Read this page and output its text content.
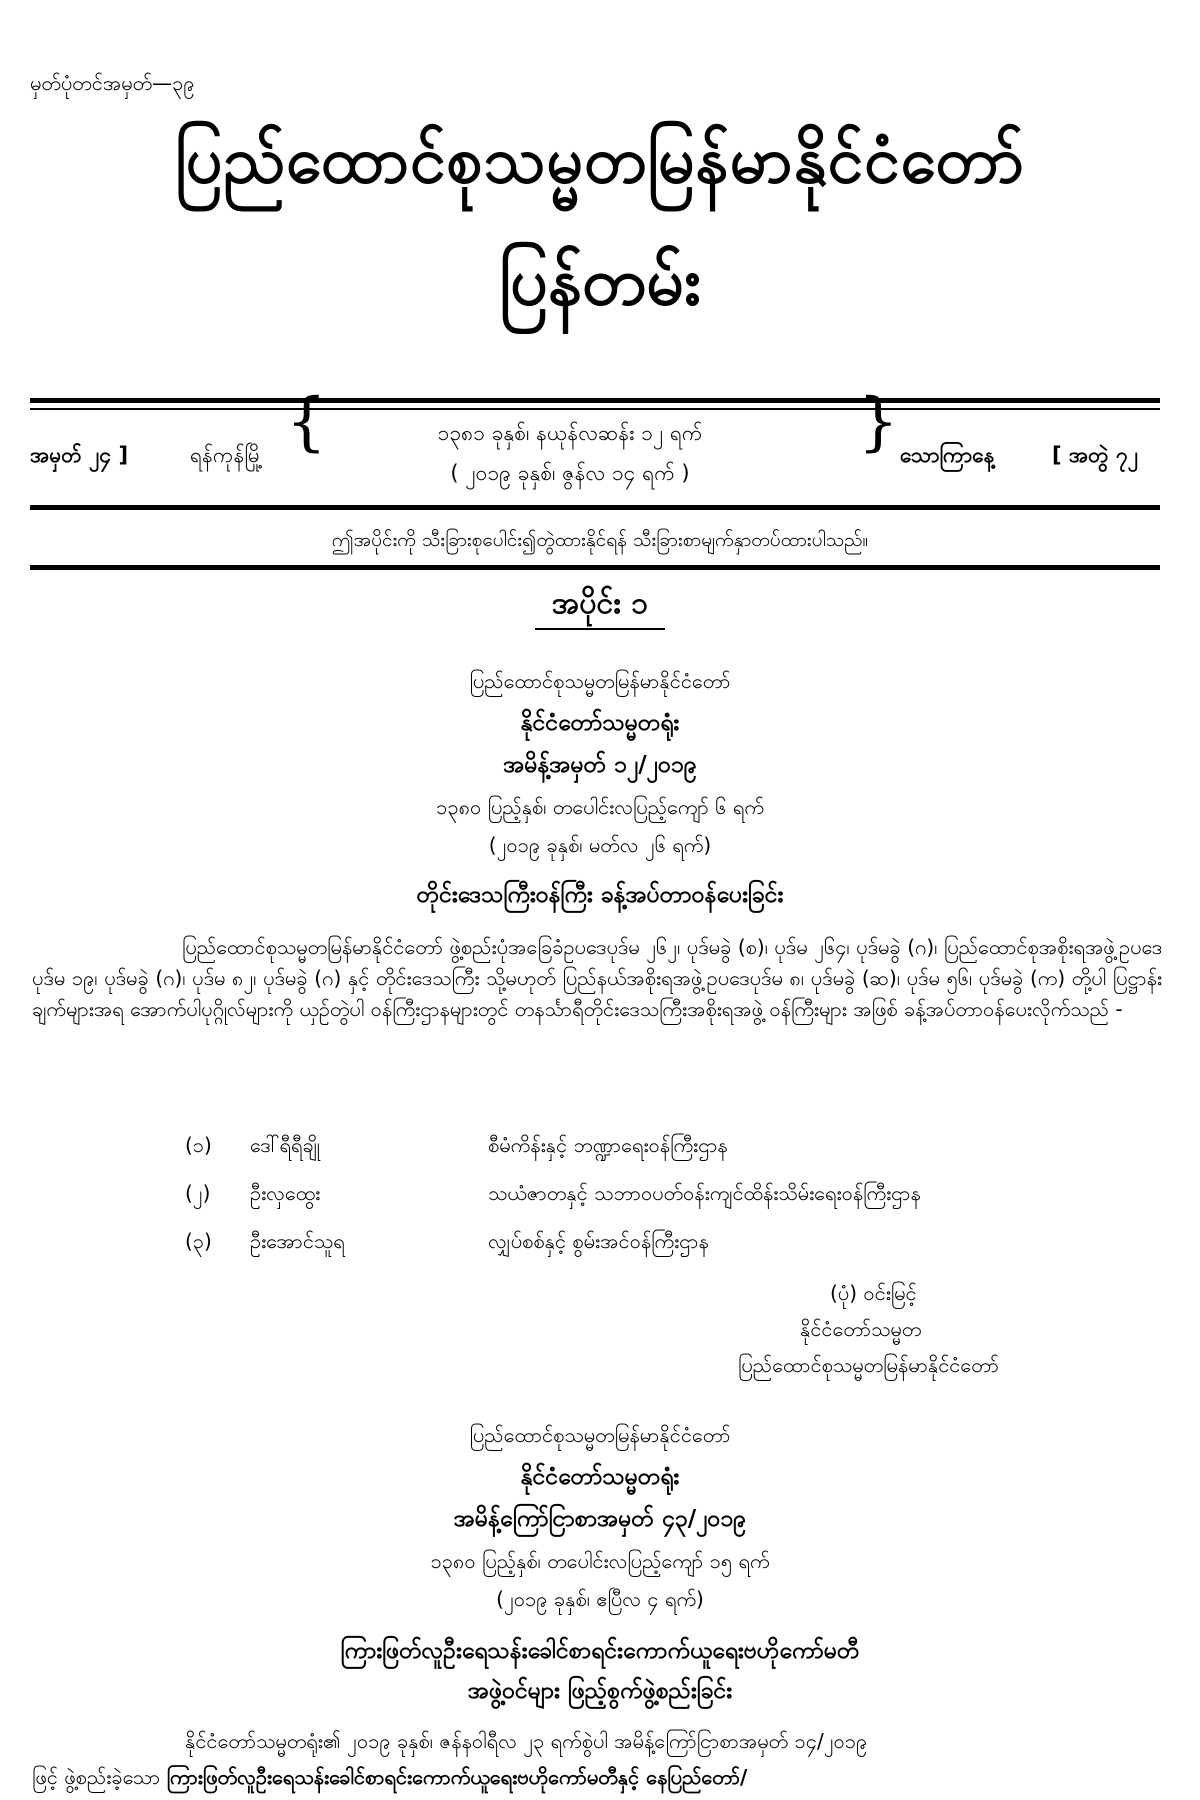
မှတ်ပုံတင်အမှတ်—၃၉
ပြည်ထောင်စုသမ္မတမြန်မာနိုင်ငံတော်
ပြန်တမ်း
အမှတ် ၂၄ ]	ရန်ကုန်မြို့ {	၁၃၈၁ ခုနှစ်၊ နယုန်လဆန်း ၁၂ ရက်
( ၂၀၁၉ ခုနှစ်၊ ဇွန်လ ၁၄ ရက် )
} သောကြာနေ့	[ အတွဲ ၇၂
ဤအပိုင်းကို သီးခြားစုပေါင်း၍တွဲထားနိုင်ရန် သီးခြားစာမျက်နှာတပ်ထားပါသည်။
အပိုင်း ၁
ပြည်ထောင်စုသမ္မတမြန်မာနိုင်ငံတော်
နိုင်ငံတော်သမ္မတရုံး
အမိန့်အမှတ် ၁၂/၂၀၁၉
၁၃၈၀ ပြည့်နှစ်၊ တပေါင်းလပြည့်ကျော် ၆ ရက်
(၂၀၁၉ ခုနှစ်၊ မတ်လ ၂၆ ရက်)
တိုင်းဒေသကြီးဝန်ကြီး ခန့်အပ်တာဝန်ပေးခြင်း
ပြည်ထောင်စုသမ္မတမြန်မာနိုင်ငံတော် ဖွဲ့စည်းပုံအခြေခံဥပဒေပုဒ်မ ၂၆၂၊ ပုဒ်မခွဲ (စ)၊ ပုဒ်မ ၂၆၄၊ ပုဒ်မခွဲ (ဂ)၊ ပြည်ထောင်စုအစိုးရအဖွဲ့ဥပဒေပုဒ်မ ၁၉၊ ပုဒ်မခွဲ (ဂ)၊ ပုဒ်မ ၈၂၊ ပုဒ်မခွဲ (ဂ) နှင့် တိုင်းဒေသကြီး သို့မဟုတ် ပြည်နယ်အစိုးရအဖွဲ့ဥပဒေပုဒ်မ ၈၊ ပုဒ်မခွဲ (ဆ)၊ ပုဒ်မ ၅၆၊ ပုဒ်မခွဲ (က) တို့ပါ ပြဋ္ဌာန်းချက်များအရ အောက်ပါပုဂ္ဂိုလ်များကို ယှဉ်တွဲပါ ဝန်ကြီးဌာနများတွင် တနင်္သာရီတိုင်းဒေသကြီးအစိုးရအဖွဲ့ ဝန်ကြီးများ အဖြစ် ခန့်အပ်တာဝန်ပေးလိုက်သည် -
(၁) ဒေါ်ရီရီချို	စီမံကိန်းနှင့် ဘဏ္ဍာရေးဝန်ကြီးဌာန
(၂) ဦးလှထွေး	သယံဇာတနှင့် သဘာဝပတ်ဝန်းကျင်ထိန်းသိမ်းရေးဝန်ကြီးဌာန
(၃) ဦးအောင်သူရ	လျှပ်စစ်နှင့် စွမ်းအင်ဝန်ကြီးဌာန
(ပုံ) ဝင်းမြင့်
နိုင်ငံတော်သမ္မတ
ပြည်ထောင်စုသမ္မတမြန်မာနိုင်ငံတော်
ပြည်ထောင်စုသမ္မတမြန်မာနိုင်ငံတော်
နိုင်ငံတော်သမ္မတရုံး
အမိန့်ကြော်ငြာစာအမှတ် ၄၃/၂၀၁၉
၁၃၈၀ ပြည့်နှစ်၊ တပေါင်းလပြည့်ကျော် ၁၅ ရက်
(၂၀၁၉ ခုနှစ်၊ ဧပြီလ ၄ ရက်)
ကြားဖြတ်လူဦးရေသန်းခေါင်စာရင်းကောက်ယူရေးဗဟိုကော်မတီ
အဖွဲ့ဝင်များ ဖြည့်စွက်ဖွဲ့စည်းခြင်း
နိုင်ငံတော်သမ္မတရုံး၏ ၂၀၁၉ ခုနှစ်၊ ဇန်နဝါရီလ ၂၃ ရက်စွဲပါ အမိန့်ကြော်ငြာစာအမှတ် ၁၄/၂၀၁၉
ဖြင့် ဖွဲ့စည်းခဲ့သော ကြားဖြတ်လူဦးရေသန်းခေါင်စာရင်းကောက်ယူရေးဗဟိုကော်မတီနှင့် နေပြည်တော်/
